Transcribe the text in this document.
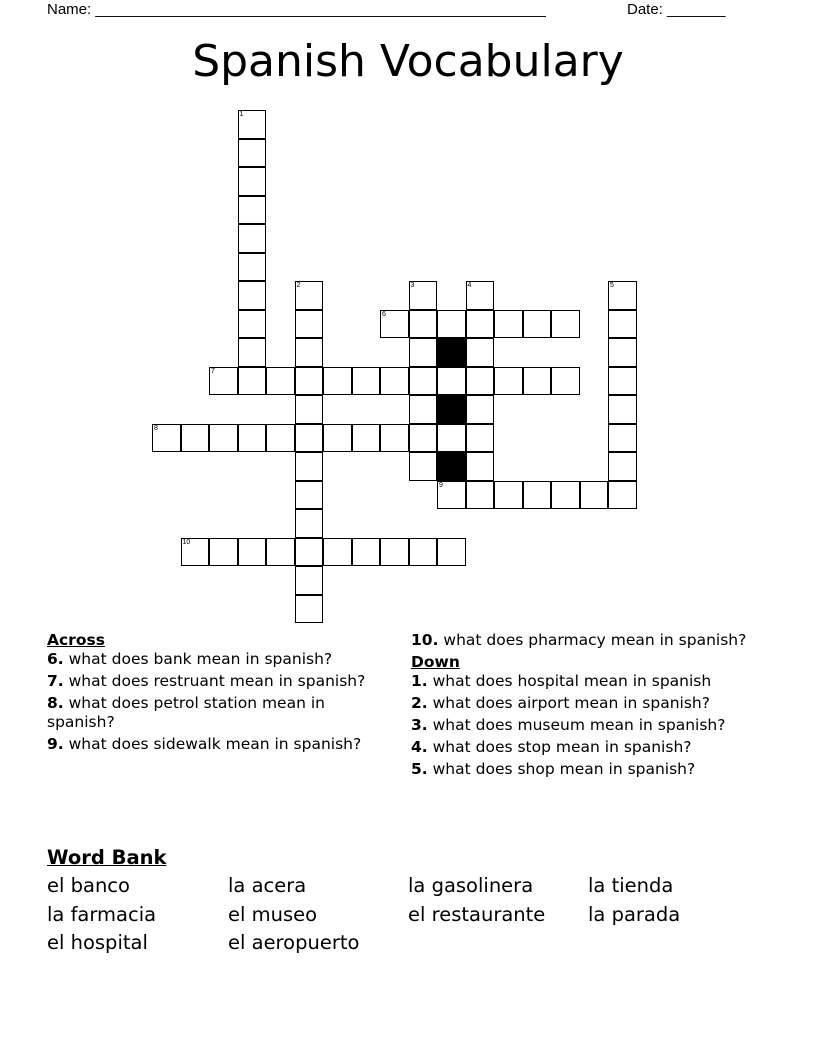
Name: ______________________________________________________	Date: _______
Spanish Vocabulary
1
2	3	4	5
6
7
8
9
10
Across
6. what does bank mean in spanish?
7. what does restruant mean in spanish?
8. what does petrol station mean in spanish?
9. what does sidewalk mean in spanish?
10. what does pharmacy mean in spanish?
Down
1. what does hospital mean in spanish
2. what does airport mean in spanish?
3. what does museum mean in spanish?
4. what does stop mean in spanish?
5. what does shop mean in spanish?
Word Bank
el banco	la acera	la gasolinera	la tienda
la farmacia	el museo	el restaurante	la parada
el hospital	el aeropuerto
